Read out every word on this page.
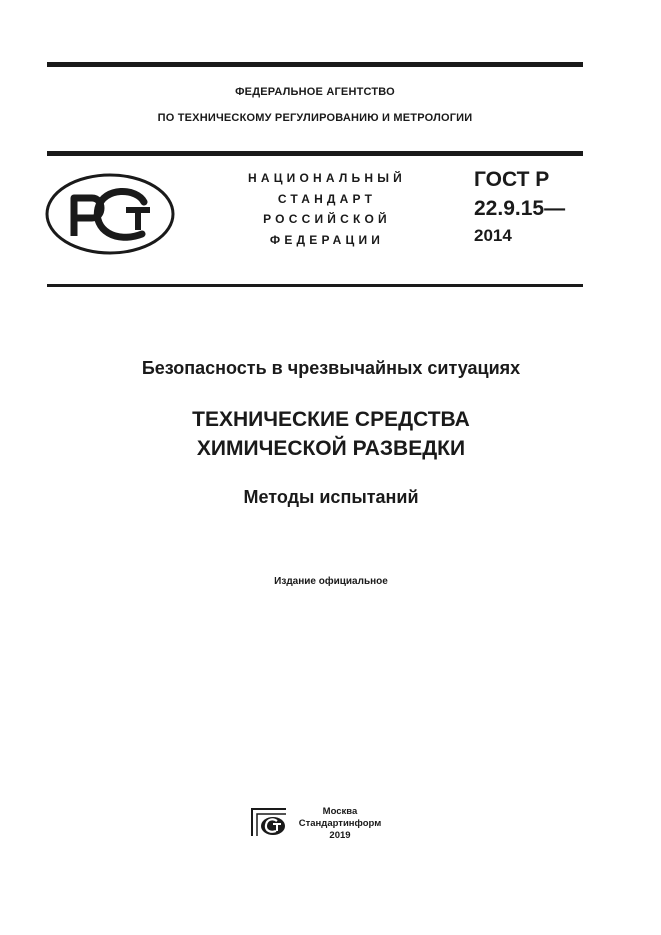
ФЕДЕРАЛЬНОЕ АГЕНТСТВО
ПО ТЕХНИЧЕСКОМУ РЕГУЛИРОВАНИЮ И МЕТРОЛОГИИ
НАЦИОНАЛЬНЫЙ
СТАНДАРТ
РОССИЙСКОЙ
ФЕДЕРАЦИИ
ГОСТ Р
22.9.15—
2014
Безопасность в чрезвычайных ситуациях
ТЕХНИЧЕСКИЕ СРЕДСТВА
ХИМИЧЕСКОЙ РАЗВЕДКИ
Методы испытаний
Издание официальное
Москва
Стандартинформ
2019
